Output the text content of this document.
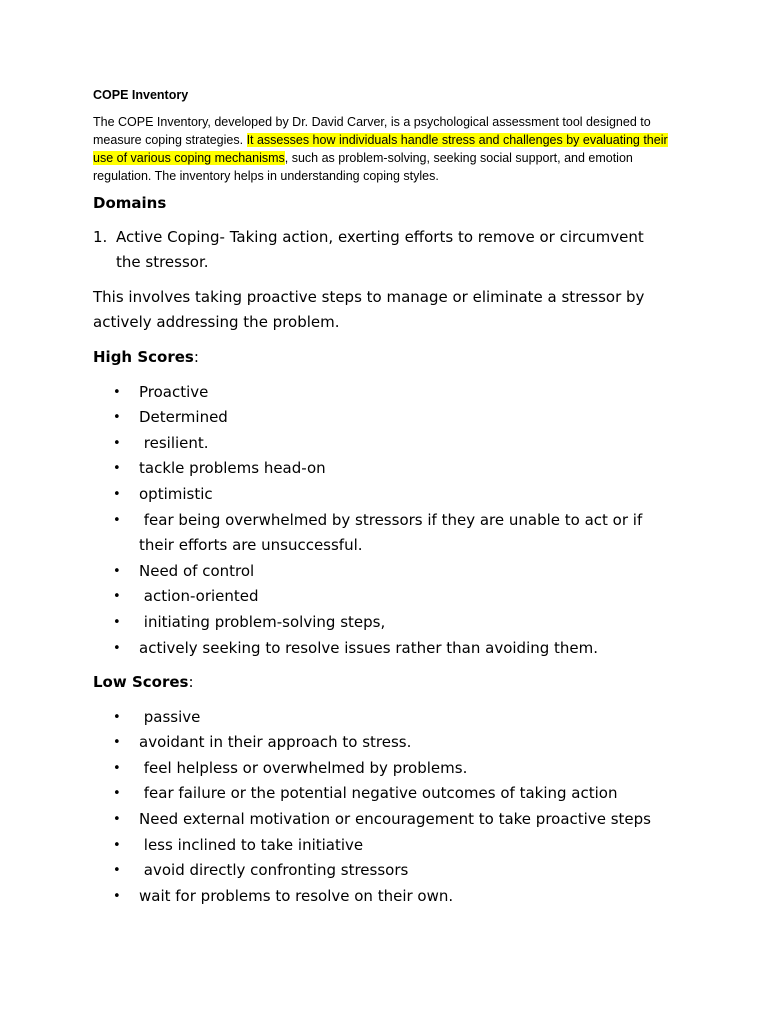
COPE Inventory

The COPE Inventory, developed by Dr. David Carver, is a psychological assessment tool designed to measure coping strategies. It assesses how individuals handle stress and challenges by evaluating their use of various coping mechanisms, such as problem-solving, seeking social support, and emotion regulation. The inventory helps in understanding coping styles.

Domains
1. Active Coping- Taking action, exerting efforts to remove or circumvent the stressor.

This involves taking proactive steps to manage or eliminate a stressor by actively addressing the problem.

High Scores:
•	Proactive
•	Determined
•	resilient.
•	tackle problems head-on
•	optimistic
•	fear being overwhelmed by stressors if they are unable to act or if their efforts are unsuccessful.
•	Need of control
•	action-oriented
•	initiating problem-solving steps,
•	actively seeking to resolve issues rather than avoiding them.
Low Scores:
•	passive
•	avoidant in their approach to stress.
•	feel helpless or overwhelmed by problems.
•	fear failure or the potential negative outcomes of taking action
•	Need external motivation or encouragement to take proactive steps
•	less inclined to take initiative
•	avoid directly confronting stressors
•	wait for problems to resolve on their own.
